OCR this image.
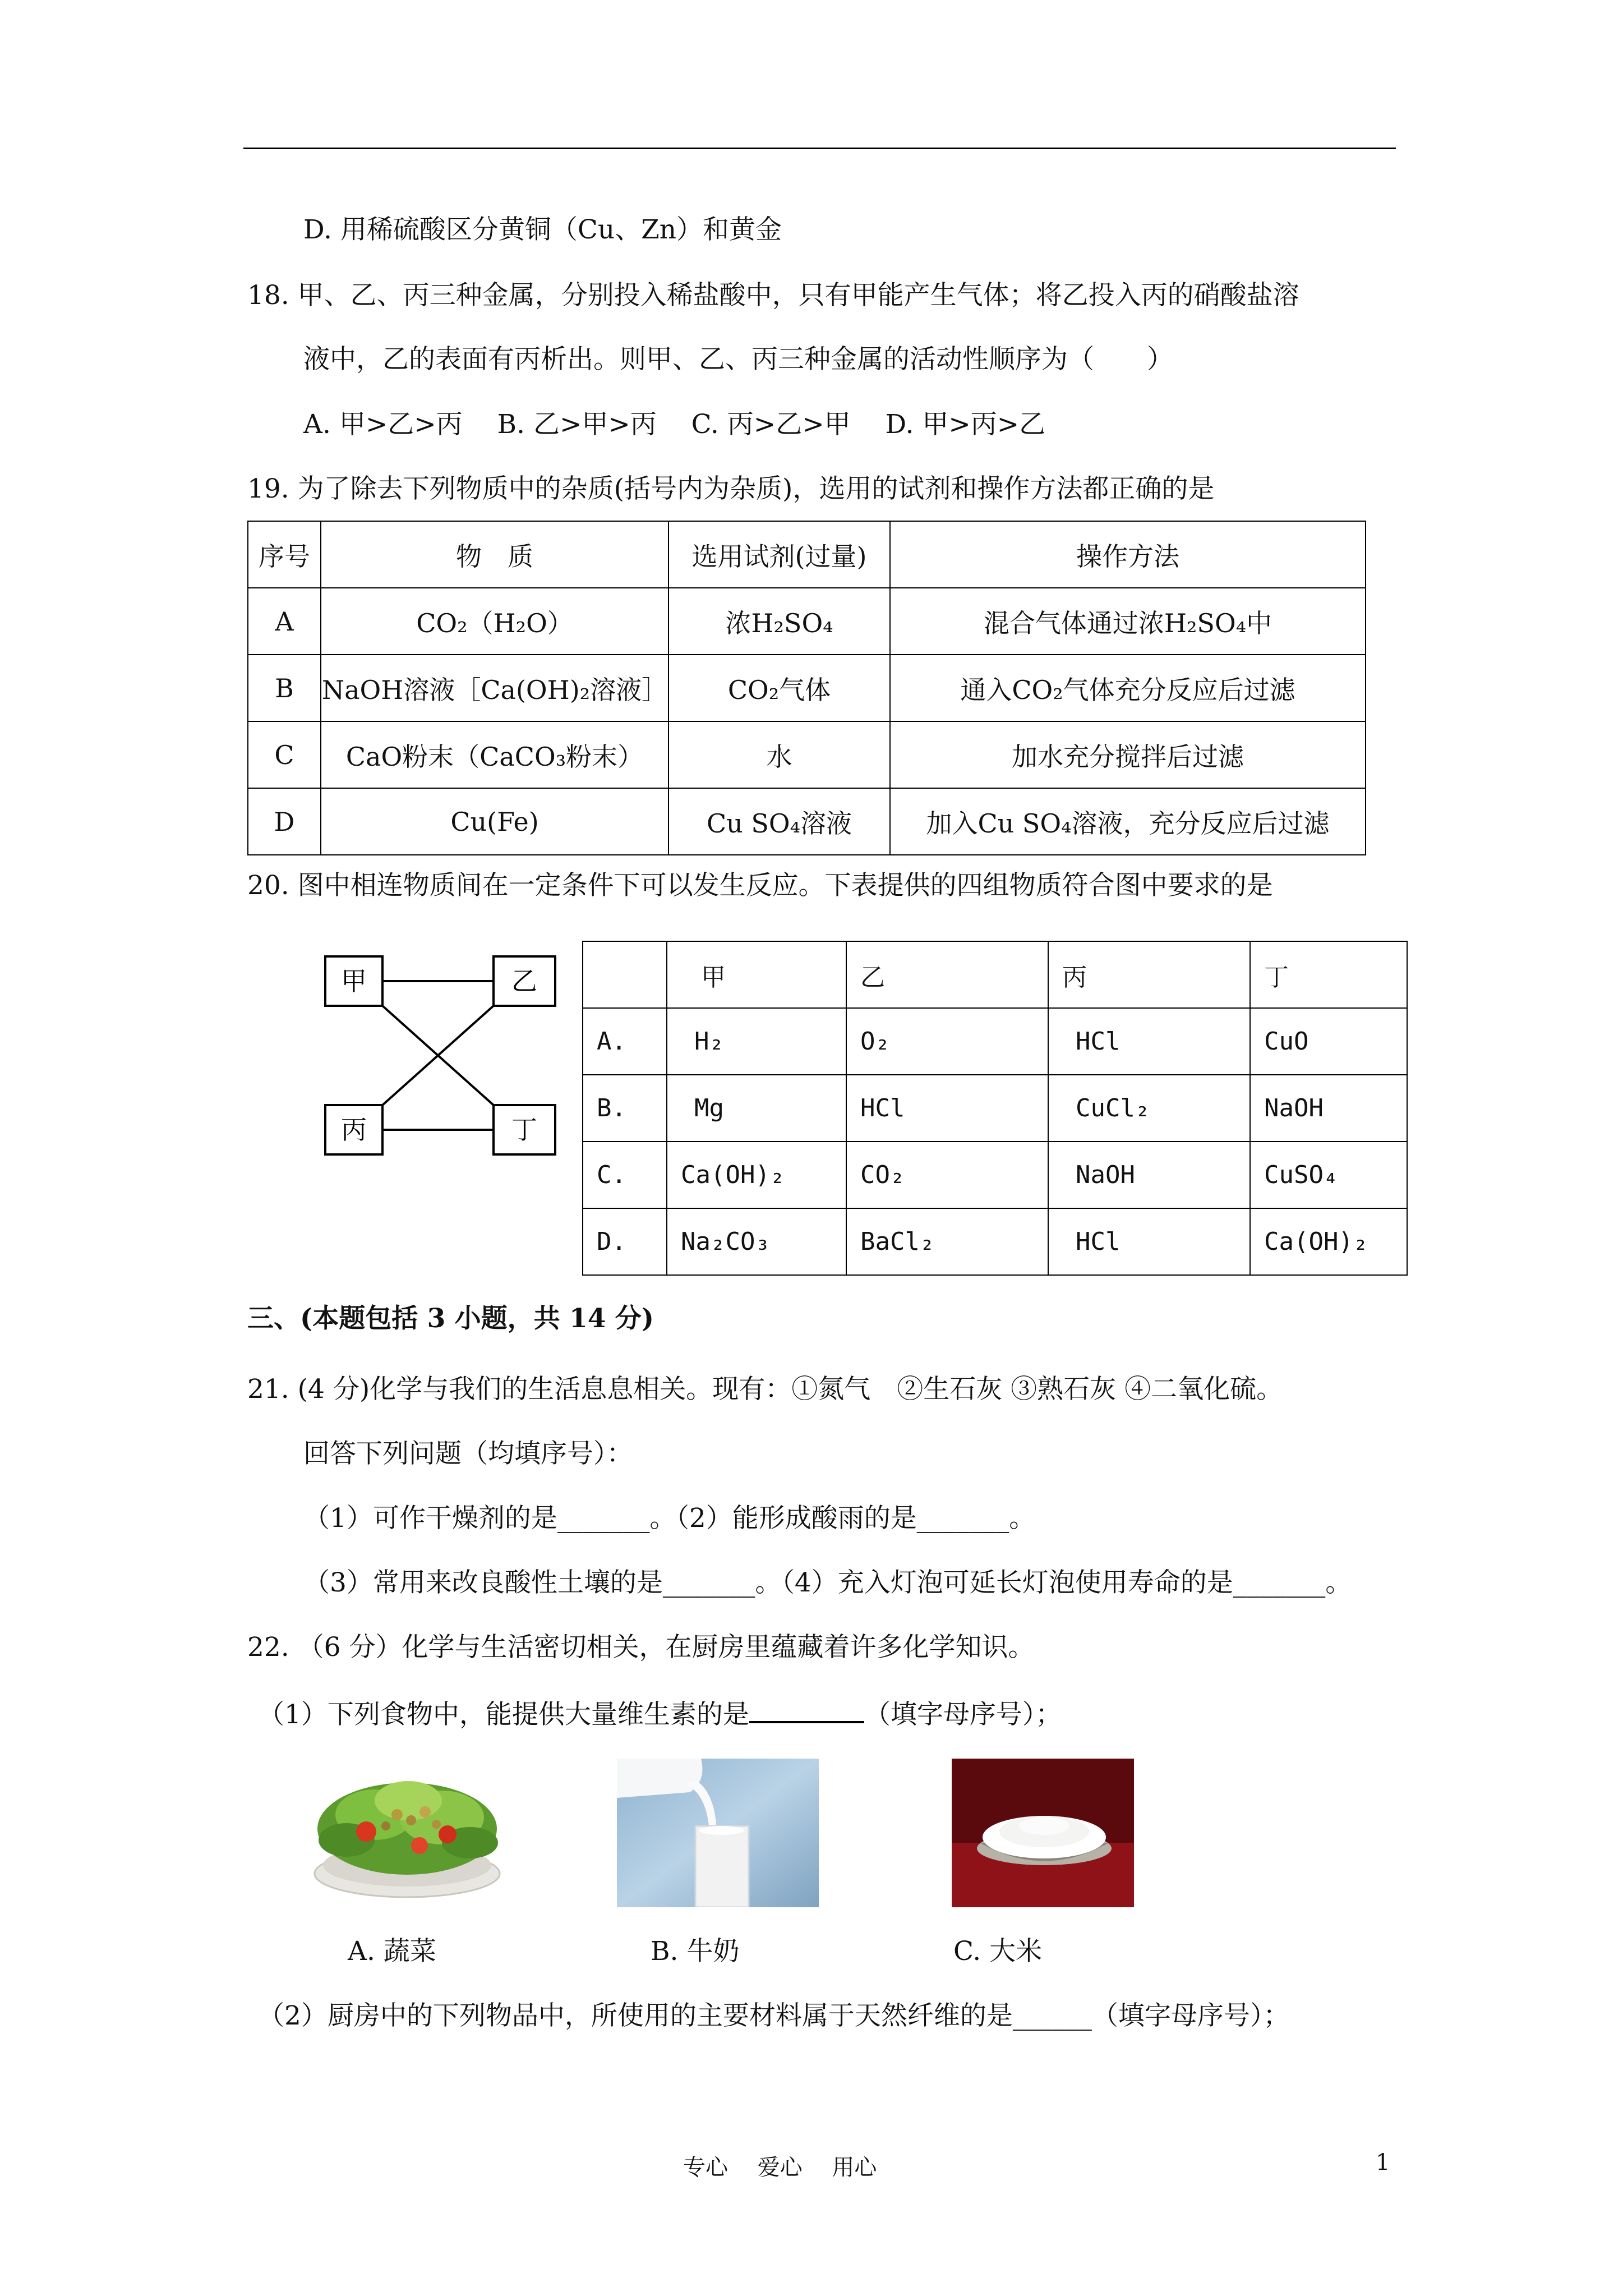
D. 用稀硫酸区分黄铜（Cu、Zn）和黄金
18. 甲、乙、丙三种金属，分别投入稀盐酸中，只有甲能产生气体；将乙投入丙的硝酸盐溶
液中，乙的表面有丙析出。则甲、乙、丙三种金属的活动性顺序为（　　）
A. 甲>乙>丙　 B. 乙>甲>丙　 C. 丙>乙>甲　 D. 甲>丙>乙
19. 为了除去下列物质中的杂质(括号内为杂质)，选用的试剂和操作方法都正确的是
序号	物　质	选用试剂(过量)	操作方法
A	CO₂（H₂O）	浓H₂SO₄	混合气体通过浓H₂SO₄中
B	NaOH溶液［Ca(OH)₂溶液］	CO₂气体	通入CO₂气体充分反应后过滤
C	CaO粉末（CaCO₃粉末）	水	加水充分搅拌后过滤
D	Cu(Fe)	Cu SO₄溶液	加入Cu SO₄溶液，充分反应后过滤
20. 图中相连物质间在一定条件下可以发生反应。下表提供的四组物质符合图中要求的是
甲	乙
丙	丁
	甲	乙	丙	丁
A.	H₂	O₂	HCl	CuO
B.	Mg	HCl	CuCl₂	NaOH
C.	Ca(OH)₂	CO₂	NaOH	CuSO₄
D.	Na₂CO₃	BaCl₂	HCl	Ca(OH)₂
三、(本题包括 3 小题，共 14 分)
21. (4 分)化学与我们的生活息息相关。现有：①氮气　②生石灰 ③熟石灰 ④二氧化硫。
回答下列问题（均填序号）：
（1）可作干燥剂的是_______。（2）能形成酸雨的是_______。
（3）常用来改良酸性土壤的是_______。（4）充入灯泡可延长灯泡使用寿命的是_______。
22. （6 分）化学与生活密切相关，在厨房里蕴藏着许多化学知识。
（1）下列食物中，能提供大量维生素的是	（填字母序号）；
A. 蔬菜	B. 牛奶	C. 大米
（2）厨房中的下列物品中，所使用的主要材料属于天然纤维的是______（填字母序号）；
专心　 爱心　 用心	1
